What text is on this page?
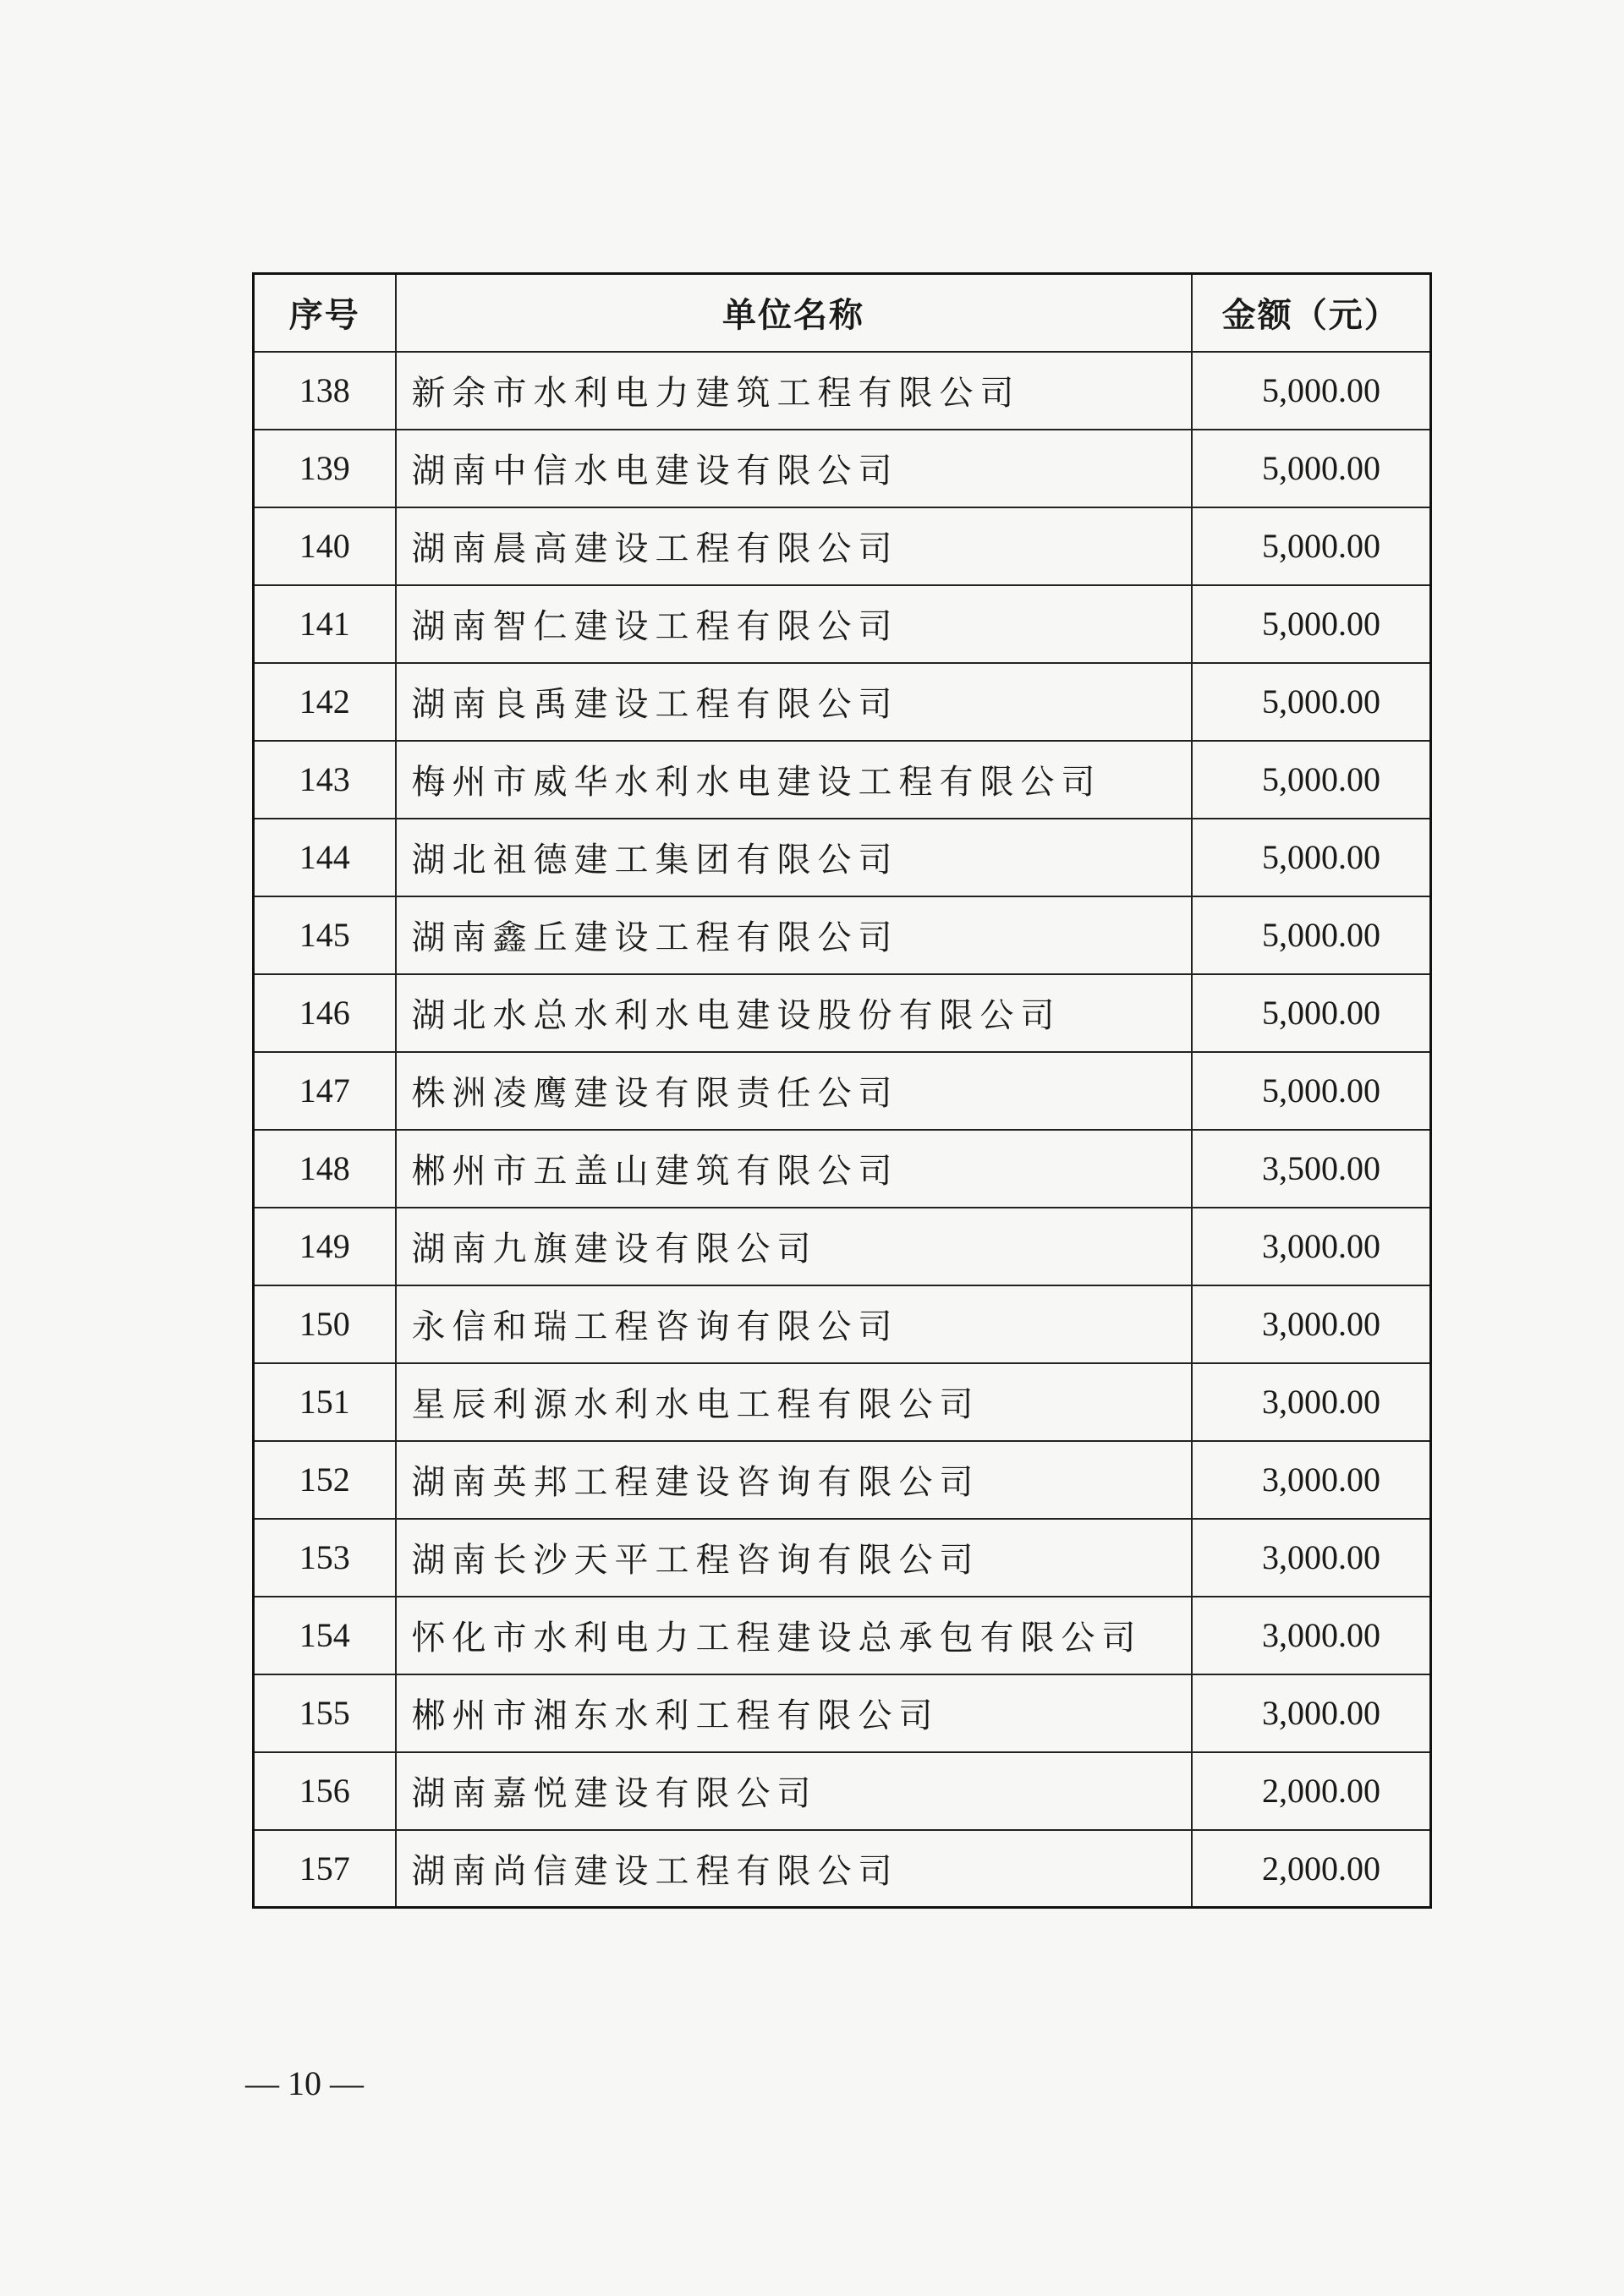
序号	单位名称	金额（元）
138	新余市水利电力建筑工程有限公司	5,000.00
139	湖南中信水电建设有限公司	5,000.00
140	湖南晨高建设工程有限公司	5,000.00
141	湖南智仁建设工程有限公司	5,000.00
142	湖南良禹建设工程有限公司	5,000.00
143	梅州市威华水利水电建设工程有限公司	5,000.00
144	湖北祖德建工集团有限公司	5,000.00
145	湖南鑫丘建设工程有限公司	5,000.00
146	湖北水总水利水电建设股份有限公司	5,000.00
147	株洲凌鹰建设有限责任公司	5,000.00
148	郴州市五盖山建筑有限公司	3,500.00
149	湖南九旗建设有限公司	3,000.00
150	永信和瑞工程咨询有限公司	3,000.00
151	星辰利源水利水电工程有限公司	3,000.00
152	湖南英邦工程建设咨询有限公司	3,000.00
153	湖南长沙天平工程咨询有限公司	3,000.00
154	怀化市水利电力工程建设总承包有限公司	3,000.00
155	郴州市湘东水利工程有限公司	3,000.00
156	湖南嘉悦建设有限公司	2,000.00
157	湖南尚信建设工程有限公司	2,000.00
— 10 —
